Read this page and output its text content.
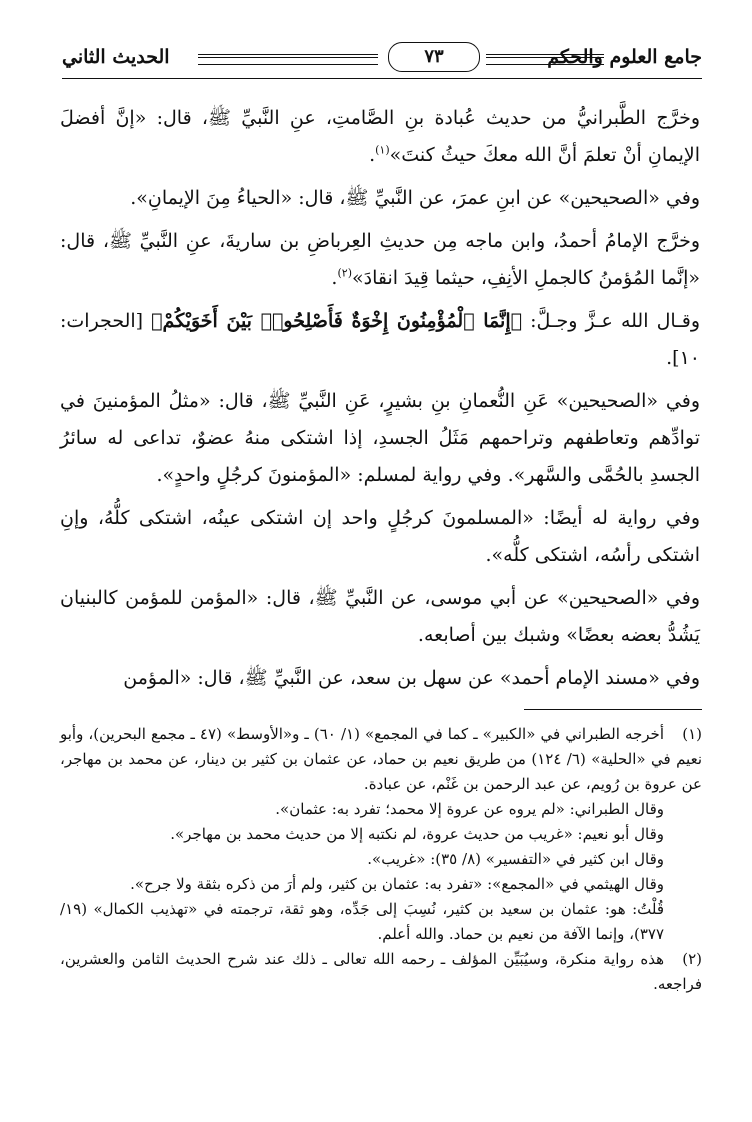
جامع العلوم والحكم
٧٣
الحديث الثاني

وخرَّج الطَّبرانيُّ من حديث عُبادة بنِ الصَّامتِ، عنِ النَّبيِّ ﷺ، قال: «إنَّ أفضلَ الإيمانِ أنْ تعلمَ أنَّ الله معكَ حيثُ كنتَ»$^{(١)}$.

وفي «الصحيحين» عن ابنِ عمرَ، عن النَّبيِّ ﷺ، قال: «الحياءُ مِنَ الإيمانِ».

وخرَّج الإمامُ أحمدُ، وابن ماجه مِن حديثِ العِرباضِ بن ساريةَ، عنِ النَّبيِّ ﷺ، قال: «إنَّما المُؤمنُ كالجملِ الأنِفِ، حيثما قِيدَ انقادَ»$^{(٢)}$.

وقـال الله عـزَّ وجـلَّ: ﴿إِنَّمَا ٱلْمُؤْمِنُونَ إِخْوَةٌ فَأَصْلِحُوا۟ بَيْنَ أَخَوَيْكُمْ﴾ [الحجرات: ١٠].

وفي «الصحيحين» عَنِ النُّعمانِ بنِ بشيرٍ، عَنِ النَّبيِّ ﷺ، قال: «مثلُ المؤمنينَ في توادِّهم وتعاطفهم وتراحمهم مَثَلُ الجسدِ، إذا اشتكى منهُ عضوٌ، تداعى له سائرُ الجسدِ بالحُمَّى والسَّهر». وفي رواية لمسلم: «المؤمنونَ كرجُلٍ واحدٍ».

وفي رواية له أيضًا: «المسلمونَ كرجُلٍ واحد إن اشتكى عينُه، اشتكى كلُّهُ، وإنِ اشتكى رأسُه، اشتكى كلُّه».

وفي «الصحيحين» عن أبي موسى، عن النَّبيِّ ﷺ، قال: «المؤمن للمؤمن كالبنيان يَشُدُّ بعضه بعضًا» وشبك بين أصابعه.

وفي «مسند الإمام أحمد» عن سهل بن سعد، عن النَّبيِّ ﷺ، قال: «المؤمن

(١)أخرجه الطبراني في «الكبير» ـ كما في المجمع» (١/ ٦٠) ـ و«الأوسط» (٤٧ ـ مجمع البحرين)، وأبو نعيم في «الحلية» (٦/ ١٢٤) من طريق نعيم بن حماد، عن عثمان بن كثير بن دينار، عن محمد بن مهاجر، عن عروة بن رُويم، عن عبد الرحمن بن غَنْم، عن عبادة.

وقال الطبراني: «لم يروه عن عروة إلا محمد؛ تفرد به: عثمان».

وقال أبو نعيم: «غريب من حديث عروة، لم نكتبه إلا من حديث محمد بن مهاجر».

وقال ابن كثير في «التفسير» (٨/ ٣٥): «غريب».

وقال الهيثمي في «المجمع»: «تفرد به: عثمان بن كثير، ولم أرَ من ذكره بثقة ولا جرح».

قُلْتُ: هو: عثمان بن سعيد بن كثير، نُسِبَ إلى جَدِّه، وهو ثقة، ترجمته في «تهذيب الكمال» (١٩/ ٣٧٧)، وإنما الآفة من نعيم بن حماد. والله أعلم.

(٢)هذه رواية منكرة، وسيُبَيِّن المؤلف ـ رحمه الله تعالى ـ ذلك عند شرح الحديث الثامن والعشرين، فراجعه.
